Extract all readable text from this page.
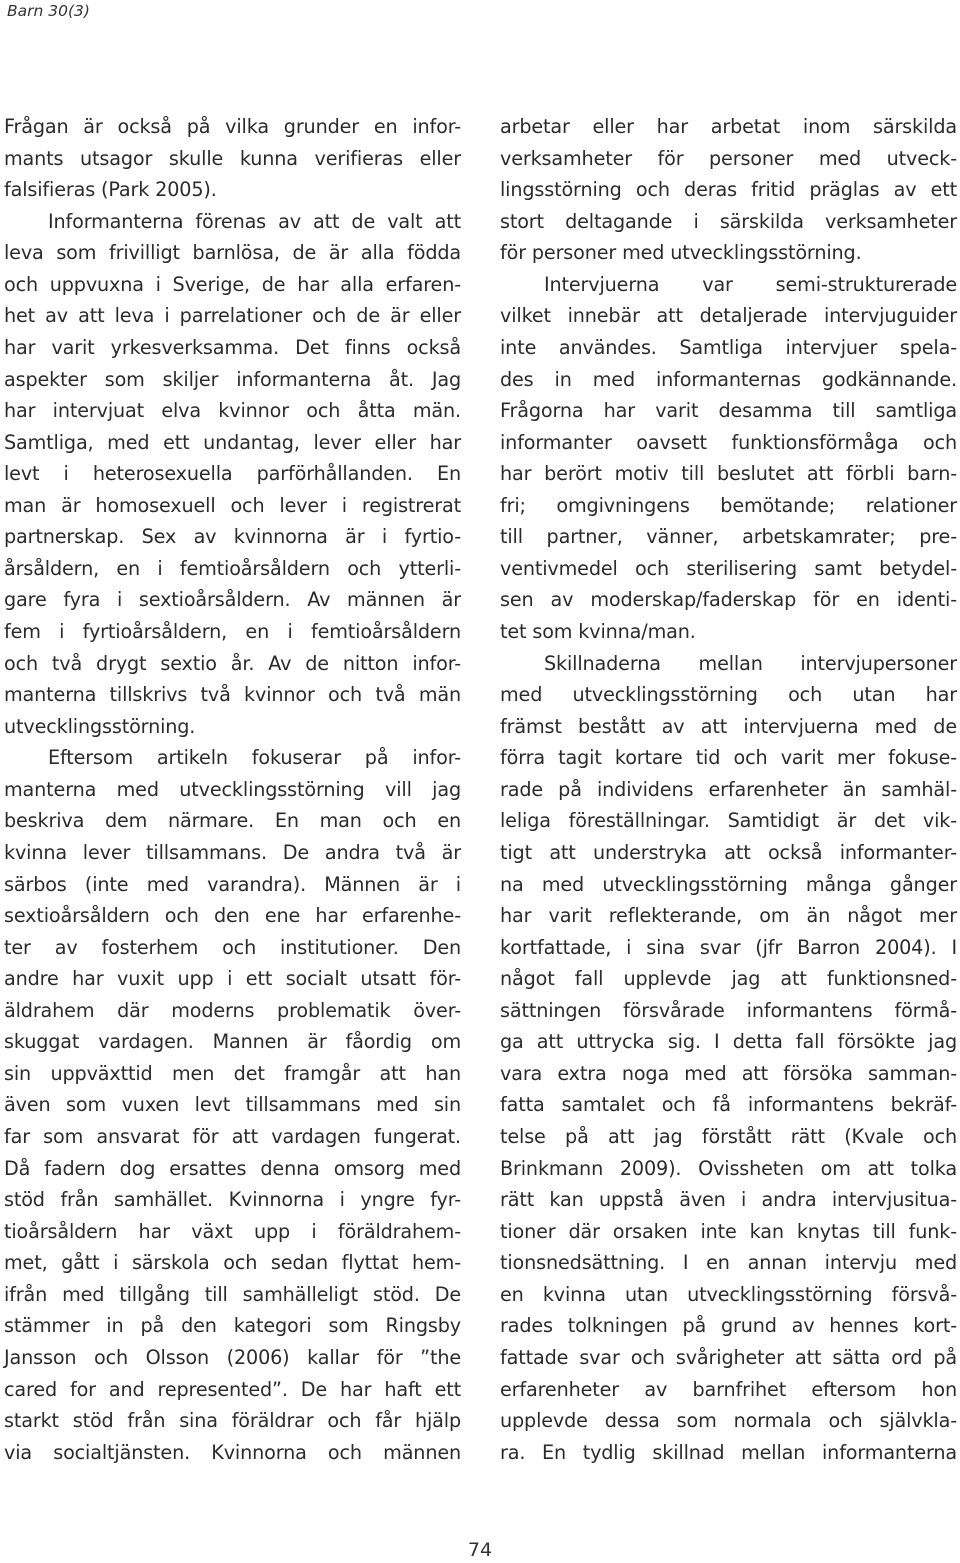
Barn 30(3)
Frågan är också på vilka grunder en infor-
mants utsagor skulle kunna verifieras eller
falsifieras (Park 2005).
Informanterna förenas av att de valt att
leva som frivilligt barnlösa, de är alla födda
och uppvuxna i Sverige, de har alla erfaren-
het av att leva i parrelationer och de är eller
har varit yrkesverksamma. Det finns också
aspekter som skiljer informanterna åt. Jag
har intervjuat elva kvinnor och åtta män.
Samtliga, med ett undantag, lever eller har
levt i heterosexuella parförhållanden. En
man är homosexuell och lever i registrerat
partnerskap. Sex av kvinnorna är i fyrtio-
årsåldern, en i femtioårsåldern och ytterli-
gare fyra i sextioårsåldern. Av männen är
fem i fyrtioårsåldern, en i femtioårsåldern
och två drygt sextio år. Av de nitton infor-
manterna tillskrivs två kvinnor och två män
utvecklingsstörning.
Eftersom artikeln fokuserar på infor-
manterna med utvecklingsstörning vill jag
beskriva dem närmare. En man och en
kvinna lever tillsammans. De andra två är
särbos (inte med varandra). Männen är i
sextioårsåldern och den ene har erfarenhe-
ter av fosterhem och institutioner. Den
andre har vuxit upp i ett socialt utsatt för-
äldrahem där moderns problematik över-
skuggat vardagen. Mannen är fåordig om
sin uppväxttid men det framgår att han
även som vuxen levt tillsammans med sin
far som ansvarat för att vardagen fungerat.
Då fadern dog ersattes denna omsorg med
stöd från samhället. Kvinnorna i yngre fyr-
tioårsåldern har växt upp i föräldrahem-
met, gått i särskola och sedan flyttat hem-
ifrån med tillgång till samhälleligt stöd. De
stämmer in på den kategori som Ringsby
Jansson och Olsson (2006) kallar för ”the
cared for and represented”. De har haft ett
starkt stöd från sina föräldrar och får hjälp
via socialtjänsten. Kvinnorna och männen
arbetar eller har arbetat inom särskilda
verksamheter för personer med utveck-
lingsstörning och deras fritid präglas av ett
stort deltagande i särskilda verksamheter
för personer med utvecklingsstörning.
Intervjuerna var semi-strukturerade
vilket innebär att detaljerade intervjuguider
inte användes. Samtliga intervjuer spela-
des in med informanternas godkännande.
Frågorna har varit desamma till samtliga
informanter oavsett funktionsförmåga och
har berört motiv till beslutet att förbli barn-
fri; omgivningens bemötande; relationer
till partner, vänner, arbetskamrater; pre-
ventivmedel och sterilisering samt betydel-
sen av moderskap/faderskap för en identi-
tet som kvinna/man.
Skillnaderna mellan intervjupersoner
med utvecklingsstörning och utan har
främst bestått av att intervjuerna med de
förra tagit kortare tid och varit mer fokuse-
rade på individens erfarenheter än samhäl-
leliga föreställningar. Samtidigt är det vik-
tigt att understryka att också informanter-
na med utvecklingsstörning många gånger
har varit reflekterande, om än något mer
kortfattade, i sina svar (jfr Barron 2004). I
något fall upplevde jag att funktionsned-
sättningen försvårade informantens förmå-
ga att uttrycka sig. I detta fall försökte jag
vara extra noga med att försöka samman-
fatta samtalet och få informantens bekräf-
telse på att jag förstått rätt (Kvale och
Brinkmann 2009). Ovissheten om att tolka
rätt kan uppstå även i andra intervjusitua-
tioner där orsaken inte kan knytas till funk-
tionsnedsättning. I en annan intervju med
en kvinna utan utvecklingsstörning försvå-
rades tolkningen på grund av hennes kort-
fattade svar och svårigheter att sätta ord på
erfarenheter av barnfrihet eftersom hon
upplevde dessa som normala och självkla-
ra. En tydlig skillnad mellan informanterna
74
